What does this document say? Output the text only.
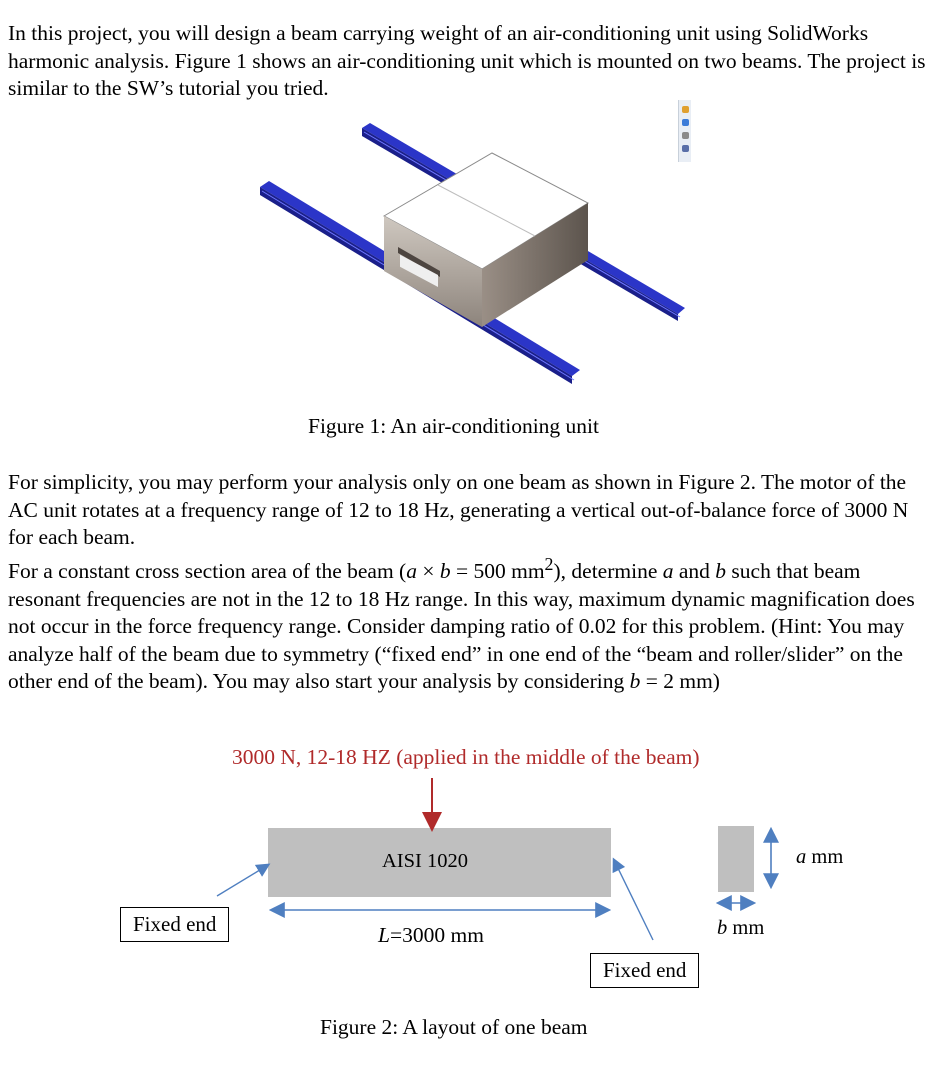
In this project, you will design a beam carrying weight of an air-conditioning unit using SolidWorks harmonic analysis. Figure 1 shows an air-conditioning unit which is mounted on two beams. The project is similar to the SW’s tutorial you tried.

Figure 1: An air-conditioning unit

For simplicity, you may perform your analysis only on one beam as shown in Figure 2. The motor of the AC unit rotates at a frequency range of 12 to 18 Hz, generating a vertical out-of-balance force of 3000 N for each beam.

For a constant cross section area of the beam (a × b = 500 $mm^2$), determine a and b such that beam resonant frequencies are not in the 12 to 18 Hz range. In this way, maximum dynamic magnification does not occur in the force frequency range. Consider damping ratio of 0.02 for this problem. (Hint: You may analyze half of the beam due to symmetry (“fixed end” in one end of the “beam and roller/slider” on the other end of the beam). You may also start your analysis by considering b = 2 mm)

3000 N, 12-18 HZ (applied in the middle of the beam)
AISI 1020
L=3000 mm
Fixed end
Fixed end
a mm
b mm
Figure 2: A layout of one beam
